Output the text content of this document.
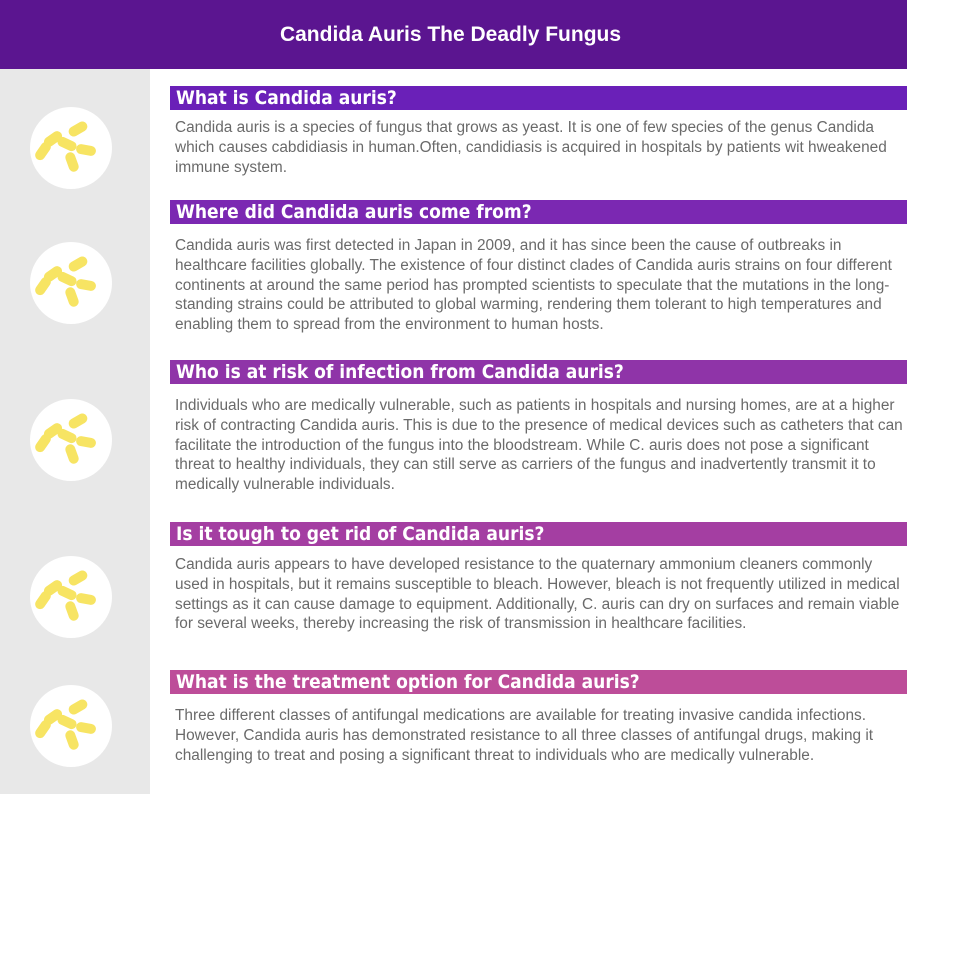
Candida Auris The Deadly Fungus
What is Candida auris?

Candida auris is a species of fungus that grows as yeast. It is one of few species of the genus Candida which causes cabdidiasis in human.Often, candidiasis is acquired in hospitals by patients wit hweakened immune system.

Where did Candida auris come from?

Candida auris was first detected in Japan in 2009, and it has since been the cause of outbreaks in healthcare facilities globally. The existence of four distinct clades of Candida auris strains on four different continents at around the same period has prompted scientists to speculate that the mutations in the long-standing strains could be attributed to global warming, rendering them tolerant to high temperatures and enabling them to spread from the environment to human hosts.

Who is at risk of infection from Candida auris?

Individuals who are medically vulnerable, such as patients in hospitals and nursing homes, are at a higher risk of contracting Candida auris. This is due to the presence of medical devices such as catheters that can facilitate the introduction of the fungus into the bloodstream. While C. auris does not pose a significant threat to healthy individuals, they can still serve as carriers of the fungus and inadvertently transmit it to medically vulnerable individuals.

Is it tough to get rid of Candida auris?

Candida auris appears to have developed resistance to the quaternary ammonium cleaners commonly used in hospitals, but it remains susceptible to bleach. However, bleach is not frequently utilized in medical settings as it can cause damage to equipment. Additionally, C. auris can dry on surfaces and remain viable for several weeks, thereby increasing the risk of transmission in healthcare facilities.

What is the treatment option for Candida auris?

Three different classes of antifungal medications are available for treating invasive candida infections. However, Candida auris has demonstrated resistance to all three classes of antifungal drugs, making it challenging to treat and posing a significant threat to individuals who are medically vulnerable.
